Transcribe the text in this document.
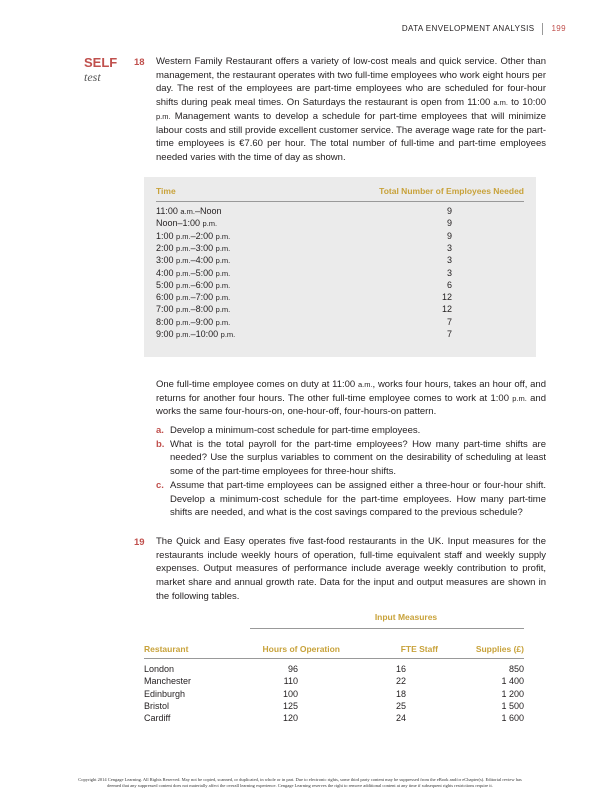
DATA ENVELOPMENT ANALYSIS 199
SELF
test
18 Western Family Restaurant offers a variety of low-cost meals and quick service. Other than management, the restaurant operates with two full-time employees who work eight hours per day. The rest of the employees are part-time employees who are scheduled for four-hour shifts during peak meal times. On Saturdays the restaurant is open from 11:00 a.m. to 10:00 p.m. Management wants to develop a schedule for part-time employees that will minimize labour costs and still provide excellent customer service. The average wage rate for the part-time employees is €7.60 per hour. The total number of full-time and part-time employees needed varies with the time of day as shown.
Time	Total Number of Employees Needed
11:00 a.m.–Noon	9
Noon–1:00 p.m.	9
1:00 p.m.–2:00 p.m.	9
2:00 p.m.–3:00 p.m.	3
3:00 p.m.–4:00 p.m.	3
4:00 p.m.–5:00 p.m.	3
5:00 p.m.–6:00 p.m.	6
6:00 p.m.–7:00 p.m.	12
7:00 p.m.–8:00 p.m.	12
8:00 p.m.–9:00 p.m.	7
9:00 p.m.–10:00 p.m.	7
One full-time employee comes on duty at 11:00 a.m., works four hours, takes an hour off, and returns for another four hours. The other full-time employee comes to work at 1:00 p.m. and works the same four-hours-on, one-hour-off, four-hours-on pattern.
a. Develop a minimum-cost schedule for part-time employees.
b. What is the total payroll for the part-time employees? How many part-time shifts are needed? Use the surplus variables to comment on the desirability of scheduling at least some of the part-time employees for three-hour shifts.
c. Assume that part-time employees can be assigned either a three-hour or four-hour shift. Develop a minimum-cost schedule for the part-time employees. How many part-time shifts are needed, and what is the cost savings compared to the previous schedule?
19 The Quick and Easy operates five fast-food restaurants in the UK. Input measures for the restaurants include weekly hours of operation, full-time equivalent staff and weekly supply expenses. Output measures of performance include average weekly contribution to profit, market share and annual growth rate. Data for the input and output measures are shown in the following tables.
Input Measures
Restaurant	Hours of Operation	FTE Staff	Supplies (£)
London	96	16	850
Manchester	110	22	1 400
Edinburgh	100	18	1 200
Bristol	125	25	1 500
Cardiff	120	24	1 600
Copyright 2014 Cengage Learning. All Rights Reserved. May not be copied, scanned, or duplicated, in whole or in part. Due to electronic rights, some third party content may be suppressed from the eBook and/or eChapter(s). Editorial review has
deemed that any suppressed content does not materially affect the overall learning experience. Cengage Learning reserves the right to remove additional content at any time if subsequent rights restrictions require it.
